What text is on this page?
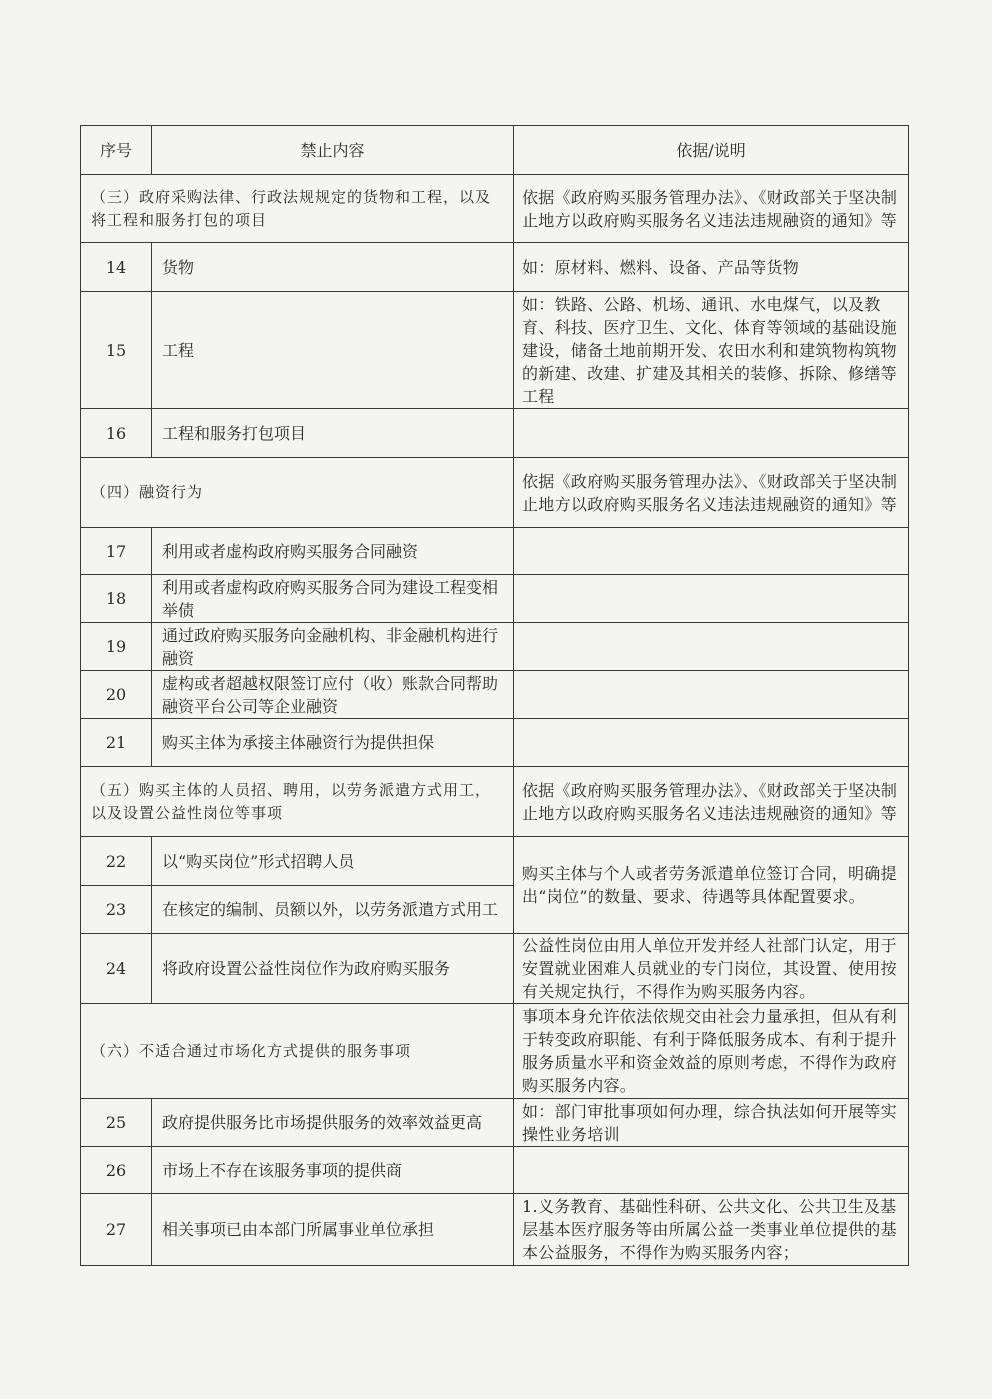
序号	禁止内容	依据/说明
（三）政府采购法律、行政法规规定的货物和工程，以及将工程和服务打包的项目		依据《政府购买服务管理办法》、《财政部关于坚决制止地方以政府购买服务名义违法违规融资的通知》等
14	货物	如：原材料、燃料、设备、产品等货物
15	工程	如：铁路、公路、机场、通讯、水电煤气，以及教育、科技、医疗卫生、文化、体育等领域的基础设施建设，储备土地前期开发、农田水利和建筑物构筑物的新建、改建、扩建及其相关的装修、拆除、修缮等工程
16	工程和服务打包项目	
（四）融资行为		依据《政府购买服务管理办法》、《财政部关于坚决制止地方以政府购买服务名义违法违规融资的通知》等
17	利用或者虚构政府购买服务合同融资	
18	利用或者虚构政府购买服务合同为建设工程变相举债	
19	通过政府购买服务向金融机构、非金融机构进行融资	
20	虚构或者超越权限签订应付（收）账款合同帮助融资平台公司等企业融资	
21	购买主体为承接主体融资行为提供担保	
（五）购买主体的人员招、聘用，以劳务派遣方式用工，以及设置公益性岗位等事项		依据《政府购买服务管理办法》、《财政部关于坚决制止地方以政府购买服务名义违法违规融资的通知》等
22	以“购买岗位”形式招聘人员	购买主体与个人或者劳务派遣单位签订合同，明确提出“岗位”的数量、要求、待遇等具体配置要求。
23	在核定的编制、员额以外，以劳务派遣方式用工	
24	将政府设置公益性岗位作为政府购买服务	公益性岗位由用人单位开发并经人社部门认定，用于安置就业困难人员就业的专门岗位，其设置、使用按有关规定执行，不得作为购买服务内容。
（六）不适合通过市场化方式提供的服务事项		事项本身允许依法依规交由社会力量承担，但从有利于转变政府职能、有利于降低服务成本、有利于提升服务质量水平和资金效益的原则考虑，不得作为政府购买服务内容。
25	政府提供服务比市场提供服务的效率效益更高	如：部门审批事项如何办理，综合执法如何开展等实操性业务培训
26	市场上不存在该服务事项的提供商	
27	相关事项已由本部门所属事业单位承担	1.义务教育、基础性科研、公共文化、公共卫生及基层基本医疗服务等由所属公益一类事业单位提供的基本公益服务，不得作为购买服务内容；
